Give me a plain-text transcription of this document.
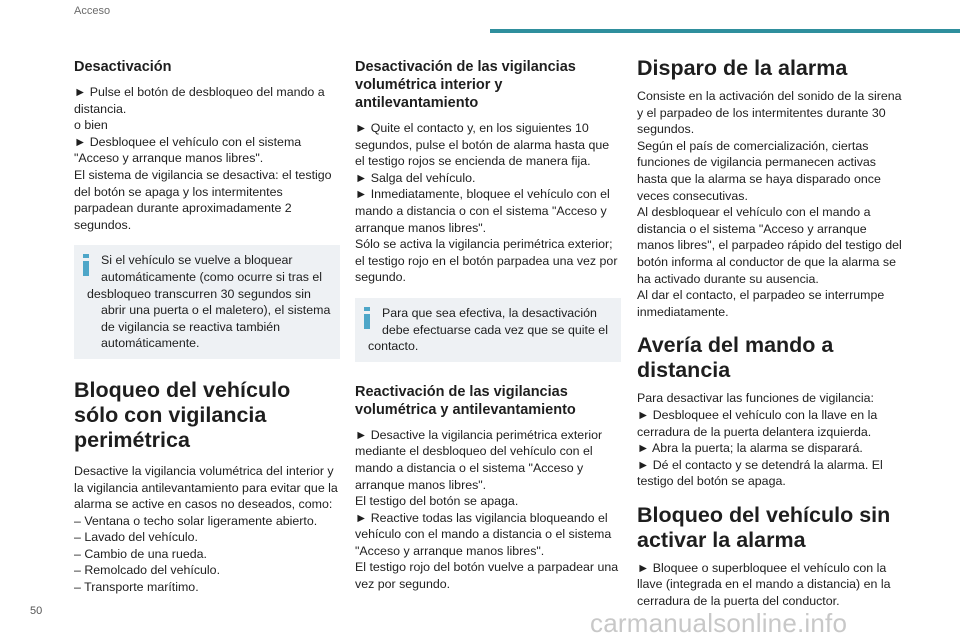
Acceso
Desactivación

► Pulse el botón de desbloqueo del mando a distancia.
o bien
► Desbloquee el vehículo con el sistema "Acceso y arranque manos libres".
El sistema de vigilancia se desactiva: el testigo del botón se apaga y los intermitentes parpadean durante aproximadamente 2 segundos.

Si el vehículo se vuelve a bloquear automáticamente (como ocurre si tras el
desbloqueo transcurren 30 segundos sin abrir una puerta o el maletero), el sistema de vigilancia se reactiva también automáticamente.

Bloqueo del vehículo sólo con vigilancia perimétrica

Desactive la vigilancia volumétrica del interior y la vigilancia antilevantamiento para evitar que la alarma se active en casos no deseados, como:
– Ventana o techo solar ligeramente abierto.
– Lavado del vehículo.
– Cambio de una rueda.
– Remolcado del vehículo.
– Transporte marítimo.

Desactivación de las vigilancias volumétrica interior y antilevantamiento

► Quite el contacto y, en los siguientes 10 segundos, pulse el botón de alarma hasta que el testigo rojos se encienda de manera fija.
► Salga del vehículo.
► Inmediatamente, bloquee el vehículo con el mando a distancia o con el sistema "Acceso y arranque manos libres".
Sólo se activa la vigilancia perimétrica exterior; el testigo rojo en el botón parpadea una vez por segundo.

Para que sea efectiva, la desactivación debe efectuarse cada vez que se quite el
contacto.

Reactivación de las vigilancias volumétrica y antilevantamiento

► Desactive la vigilancia perimétrica exterior mediante el desbloqueo del vehículo con el mando a distancia o el sistema "Acceso y arranque manos libres".
El testigo del botón se apaga.
► Reactive todas las vigilancia bloqueando el vehículo con el mando a distancia o el sistema "Acceso y arranque manos libres".
El testigo rojo del botón vuelve a parpadear una vez por segundo.

Disparo de la alarma

Consiste en la activación del sonido de la sirena y el parpadeo de los intermitentes durante 30 segundos.
Según el país de comercialización, ciertas funciones de vigilancia permanecen activas hasta que la alarma se haya disparado once veces consecutivas.
Al desbloquear el vehículo con el mando a distancia o el sistema "Acceso y arranque manos libres", el parpadeo rápido del testigo del botón informa al conductor de que la alarma se ha activado durante su ausencia.
Al dar el contacto, el parpadeo se interrumpe inmediatamente.

Avería del mando a distancia

Para desactivar las funciones de vigilancia:
► Desbloquee el vehículo con la llave en la cerradura de la puerta delantera izquierda.
► Abra la puerta; la alarma se disparará.
► Dé el contacto y se detendrá la alarma. El testigo del botón se apaga.

Bloqueo del vehículo sin activar la alarma

► Bloquee o superbloquee el vehículo con la llave (integrada en el mando a distancia) en la cerradura de la puerta del conductor.

50	carmanualsonline.info
